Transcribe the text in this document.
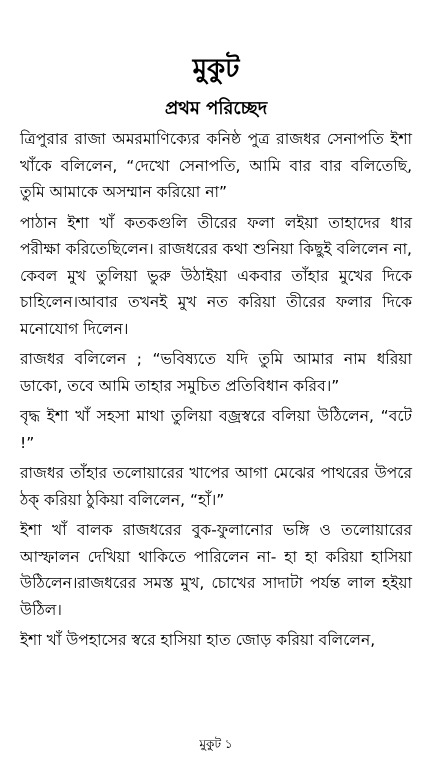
মুকুট
প্রথম পরিচ্ছেদ

ত্রিপুরার রাজা অমরমাণিক্যের কনিষ্ঠ পুত্র রাজধর সেনাপতি ইশা খাঁকে বলিলেন, “দেখো সেনাপতি, আমি বার বার বলিতেছি, তুমি আমাকে অসম্মান করিয়ো না”

পাঠান ইশা খাঁ কতকগুলি তীরের ফলা লইয়া তাহাদের ধার পরীক্ষা করিতেছিলেন। রাজধরের কথা শুনিয়া কিছুই বলিলেন না, কেবল মুখ তুলিয়া ভুরু উঠাইয়া একবার তাঁহার মুখের দিকে চাহিলেন।আবার তখনই মুখ নত করিয়া তীরের ফলার দিকে মনোযোগ দিলেন।

রাজধর বলিলেন ; “ভবিষ্যতে যদি তুমি আমার নাম ধরিয়া ডাকো, তবে আমি তাহার সমুচিত প্রতিবিধান করিব।”

বৃদ্ধ ইশা খাঁ সহসা মাথা তুলিয়া বজ্রস্বরে বলিয়া উঠিলেন, “বটে !”

রাজধর তাঁহার তলোয়ারের খাপের আগা মেঝের পাথরের উপরে ঠক্ করিয়া ঠুকিয়া বলিলেন, “হাঁ।”

ইশা খাঁ বালক রাজধরের বুক-ফুলানোর ভঙ্গি ও তলোয়ারের আস্ফালন দেখিয়া থাকিতে পারিলেন না- হা হা করিয়া হাসিয়া উঠিলেন।রাজধরের সমস্ত মুখ, চোখের সাদাটা পর্যন্ত লাল হইয়া উঠিল।

ইশা খাঁ উপহাসের স্বরে হাসিয়া হাত জোড় করিয়া বলিলেন,

মুকুট ১
